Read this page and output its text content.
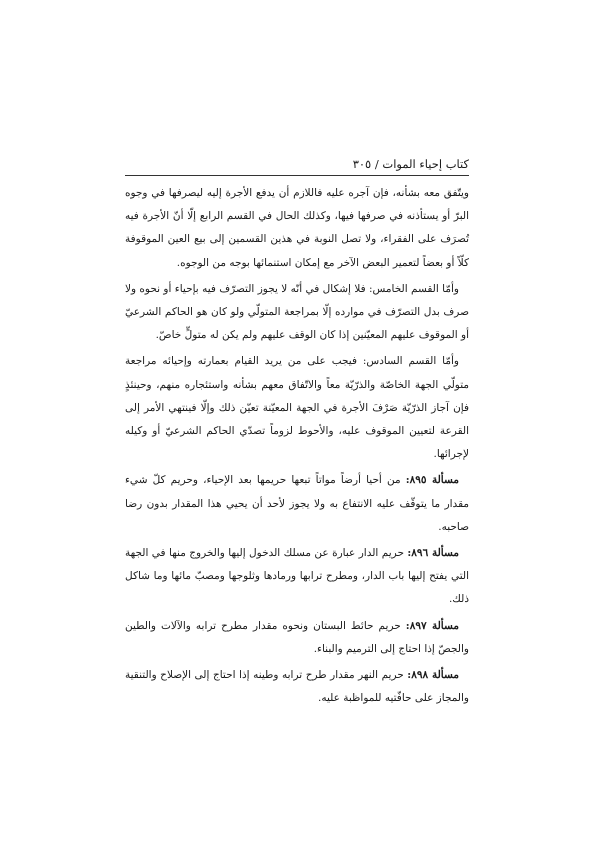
كتاب إحياء الموات / ٣٠٥

ويتّفق معه بشأنه، فإن آجره عليه فاللازم أن يدفع الأجرة إليه ليصرفها في وجوه البرّ أو يستأذنه في صرفها فيها، وكذلك الحال في القسم الرابع إلّا أنّ الأجرة فيه تُصرَف على الفقراء، ولا تصل النوبة في هذين القسمين إلى بيع العين الموقوفة كلّاً أو بعضاً لتعمير البعض الآخر مع إمكان استنمائها بوجه من الوجوه.

وأمّا القسم الخامس: فلا إشكال في أنّه لا يجوز التصرّف فيه بإحياء أو نحوه ولا صرف بدل التصرّف في موارده إلّا بمراجعة المتولّي ولو كان هو الحاكم الشرعيّ أو الموقوف عليهم المعيّنين إذا كان الوقف عليهم ولم يكن له متولٍّ خاصّ.

وأمّا القسم السادس: فيجب على من يريد القيام بعمارته وإحيائه مراجعة متولّي الجهة الخاصّة والذرّيّة معاً والاتّفاق معهم بشأنه واستئجاره منهم، وحينئذٍ فإن آجاز الذرّيّة صَرْفَ الأجرة في الجهة المعيّنة تعيّن ذلك وإلّا فينتهي الأمر إلى القرعة لتعيين الموقوف عليه، والأحوط لزوماً تصدّي الحاكم الشرعيّ أو وكيله لإجرائها.

مسألة ٨٩٥: من أحيا أرضاً مواتاً تبعها حريمها بعد الإحياء، وحريم كلّ شيء مقدار ما يتوقّف عليه الانتفاع به ولا يجوز لأحد أن يحيي هذا المقدار بدون رضا صاحبه.

مسألة ٨٩٦: حريم الدار عبارة عن مسلك الدخول إليها والخروج منها في الجهة التي يفتح إليها باب الدار، ومطرح ترابها ورمادها وثلوجها ومصبّ مائها وما شاكل ذلك.

مسألة ٨٩٧: حريم حائط البستان ونحوه مقدار مطرح ترابه والآلات والطين والجصّ إذا احتاج إلى الترميم والبناء.

مسألة ٨٩٨: حريم النهر مقدار طرح ترابه وطينه إذا احتاج إلى الإصلاح والتنقية والمجاز على حافّتيه للمواظبة عليه.
